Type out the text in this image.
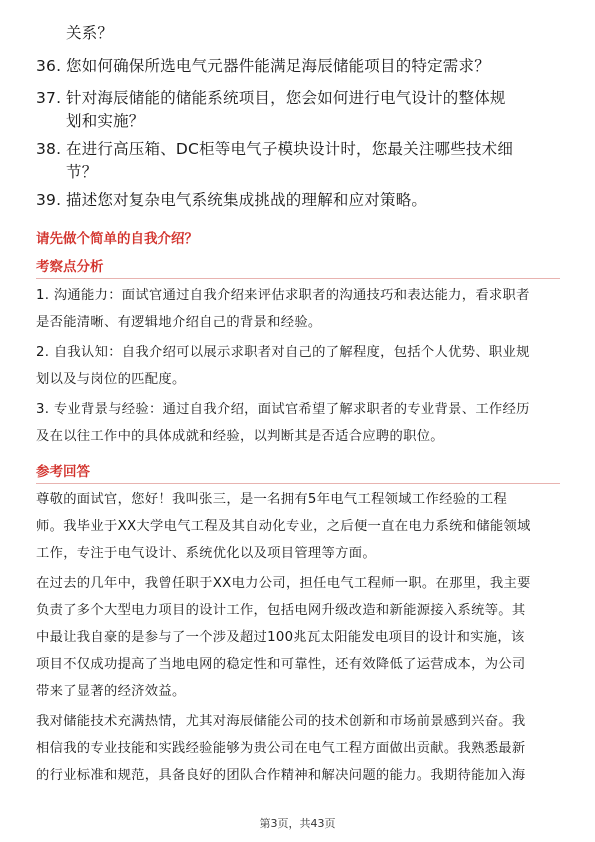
关系？
36. 您如何确保所选电气元器件能满足海辰储能项目的特定需求？
37. 针对海辰储能的储能系统项目，您会如何进行电气设计的整体规
划和实施？
38. 在进行高压箱、DC柜等电气子模块设计时，您最关注哪些技术细
节？
39. 描述您对复杂电气系统集成挑战的理解和应对策略。
请先做个简单的自我介绍？
考察点分析

1. 沟通能力：面试官通过自我介绍来评估求职者的沟通技巧和表达能力，看求职者

是否能清晰、有逻辑地介绍自己的背景和经验。

2. 自我认知：自我介绍可以展示求职者对自己的了解程度，包括个人优势、职业规

划以及与岗位的匹配度。

3. 专业背景与经验：通过自我介绍，面试官希望了解求职者的专业背景、工作经历

及在以往工作中的具体成就和经验，以判断其是否适合应聘的职位。

参考回答

尊敬的面试官，您好！我叫张三，是一名拥有5年电气工程领域工作经验的工程

师。我毕业于XX大学电气工程及其自动化专业，之后便一直在电力系统和储能领域

工作，专注于电气设计、系统优化以及项目管理等方面。

在过去的几年中，我曾任职于XX电力公司，担任电气工程师一职。在那里，我主要

负责了多个大型电力项目的设计工作，包括电网升级改造和新能源接入系统等。其

中最让我自豪的是参与了一个涉及超过100兆瓦太阳能发电项目的设计和实施，该

项目不仅成功提高了当地电网的稳定性和可靠性，还有效降低了运营成本，为公司

带来了显著的经济效益。

我对储能技术充满热情，尤其对海辰储能公司的技术创新和市场前景感到兴奋。我

相信我的专业技能和实践经验能够为贵公司在电气工程方面做出贡献。我熟悉最新

的行业标准和规范，具备良好的团队合作精神和解决问题的能力。我期待能加入海

第3页，共43页
